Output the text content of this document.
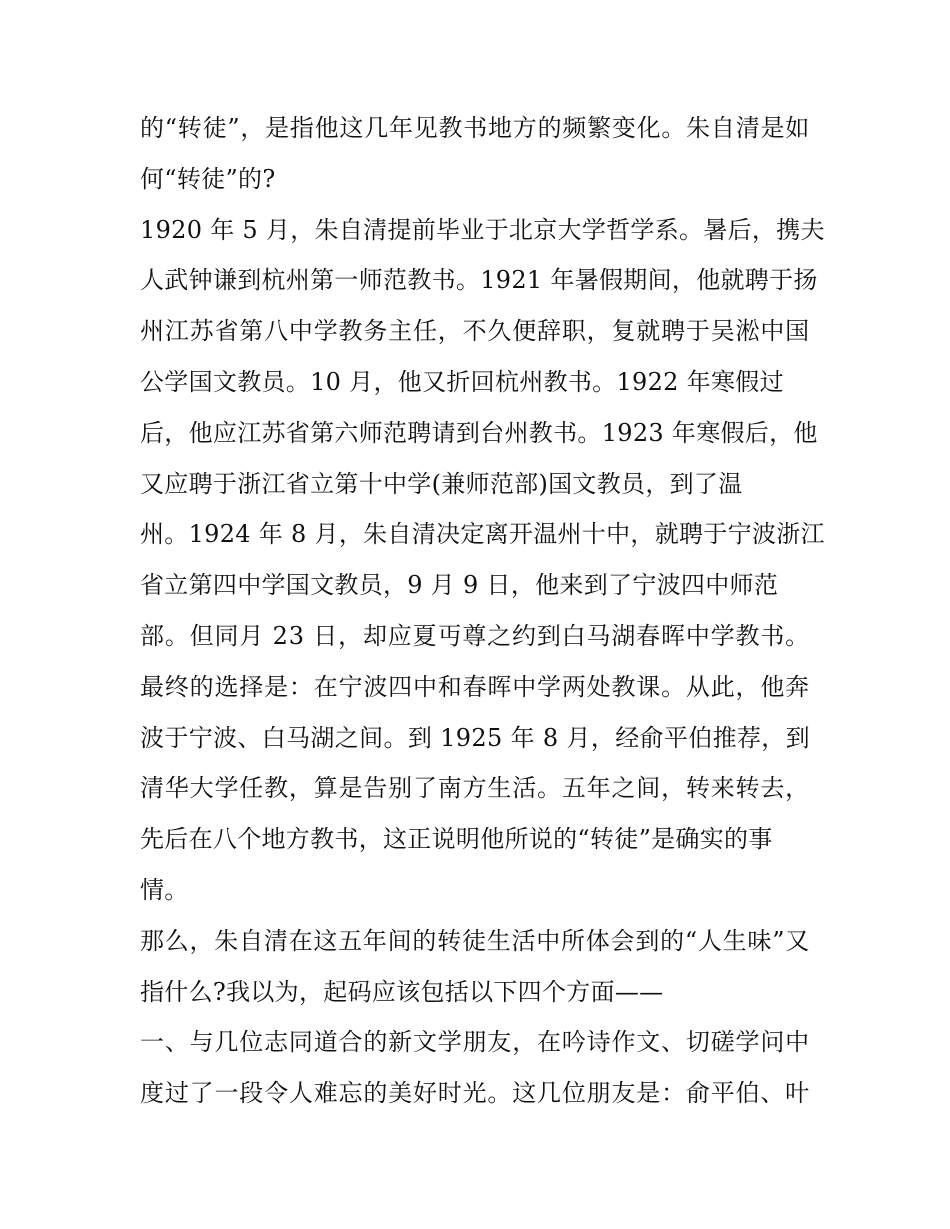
的“转徒”，是指他这几年见教书地方的频繁变化。朱自清是如
何“转徒”的?
1920 年 5 月，朱自清提前毕业于北京大学哲学系。暑后，携夫
人武钟谦到杭州第一师范教书。1921 年暑假期间，他就聘于扬
州江苏省第八中学教务主任，不久便辞职，复就聘于吴淞中国
公学国文教员。10 月，他又折回杭州教书。1922 年寒假过
后，他应江苏省第六师范聘请到台州教书。1923 年寒假后，他
又应聘于浙江省立第十中学(兼师范部)国文教员，到了温
州。1924 年 8 月，朱自清决定离开温州十中，就聘于宁波浙江
省立第四中学国文教员，9 月 9 日，他来到了宁波四中师范
部。但同月 23 日，却应夏丏尊之约到白马湖春晖中学教书。
最终的选择是：在宁波四中和春晖中学两处教课。从此，他奔
波于宁波、白马湖之间。到 1925 年 8 月，经俞平伯推荐，到
清华大学任教，算是告别了南方生活。五年之间，转来转去，
先后在八个地方教书，这正说明他所说的“转徒”是确实的事
情。
那么，朱自清在这五年间的转徒生活中所体会到的“人生味”又
指什么?我以为，起码应该包括以下四个方面——
一、与几位志同道合的新文学朋友，在吟诗作文、切磋学问中
度过了一段令人难忘的美好时光。这几位朋友是：俞平伯、叶
